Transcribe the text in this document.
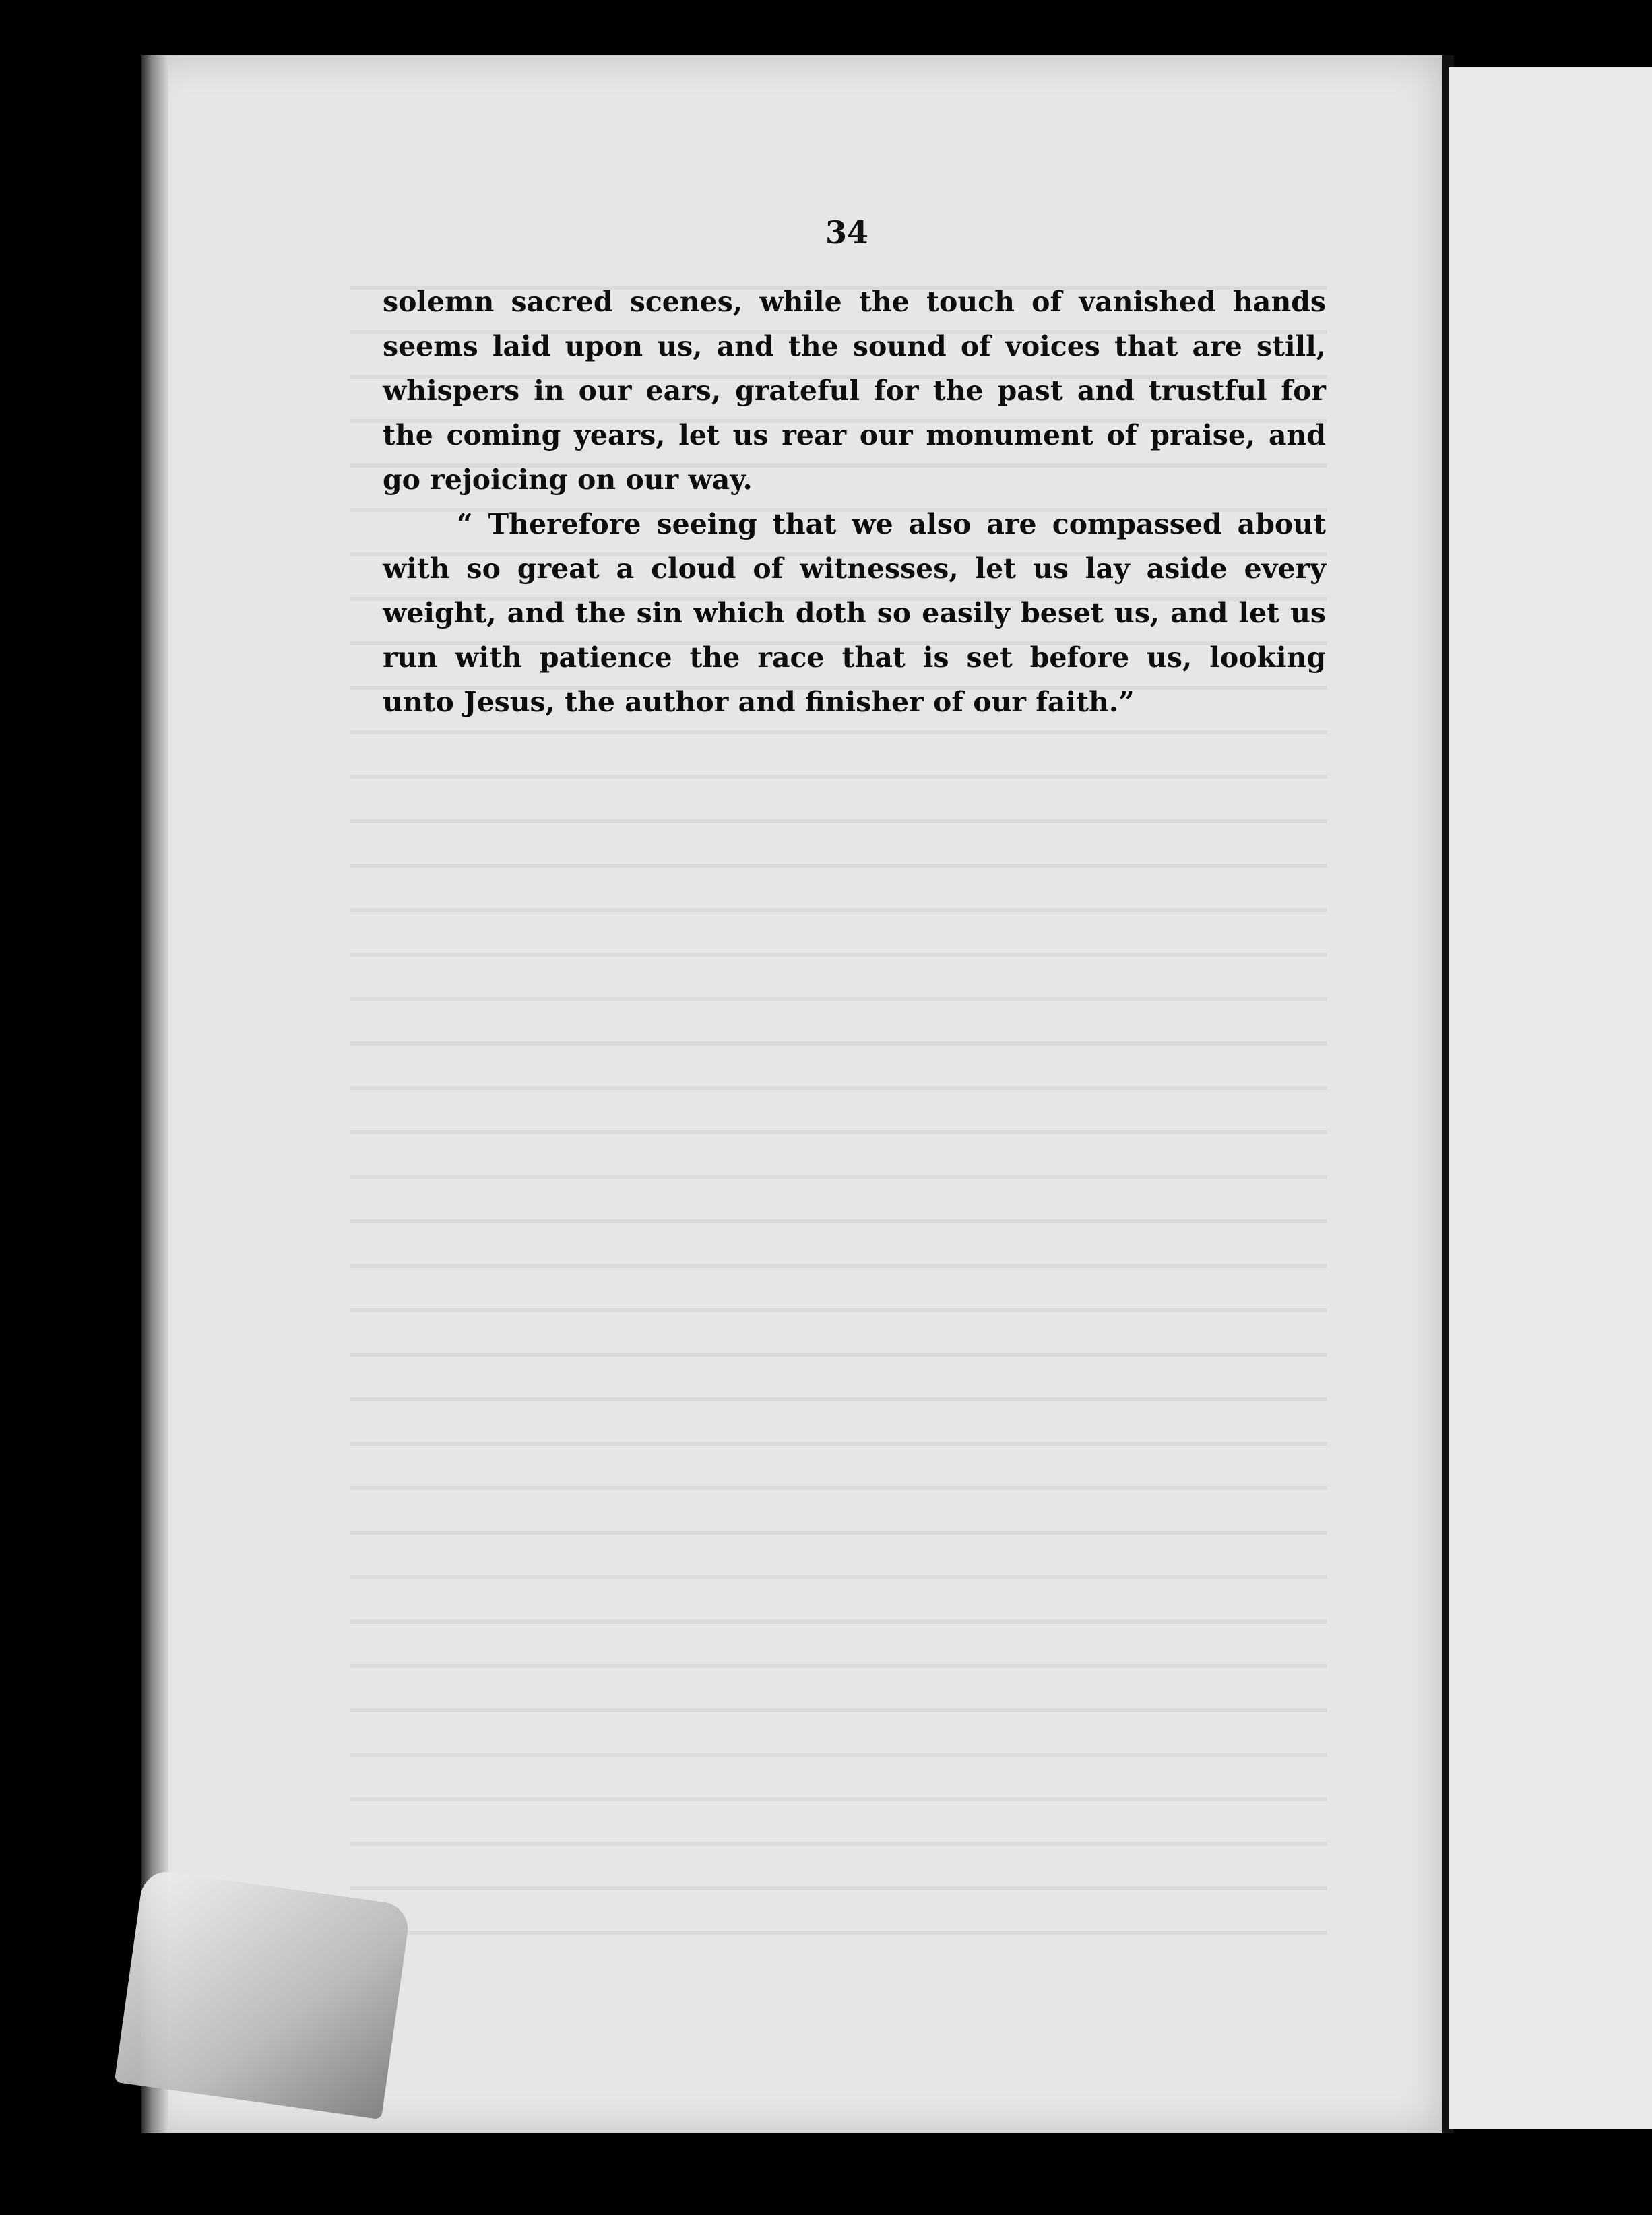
34

solemn sacred scenes, while the touch of vanished hands seems laid upon us, and the sound of voices that are still, whispers in our ears, grateful for the past and trustful for the coming years, let us rear our monument of praise, and go rejoicing on our way.

“ Therefore seeing that we also are compassed about with so great a cloud of witnesses, let us lay aside every weight, and the sin which doth so easily beset us, and let us run with patience the race that is set before us, looking unto Jesus, the author and finisher of our faith.”
